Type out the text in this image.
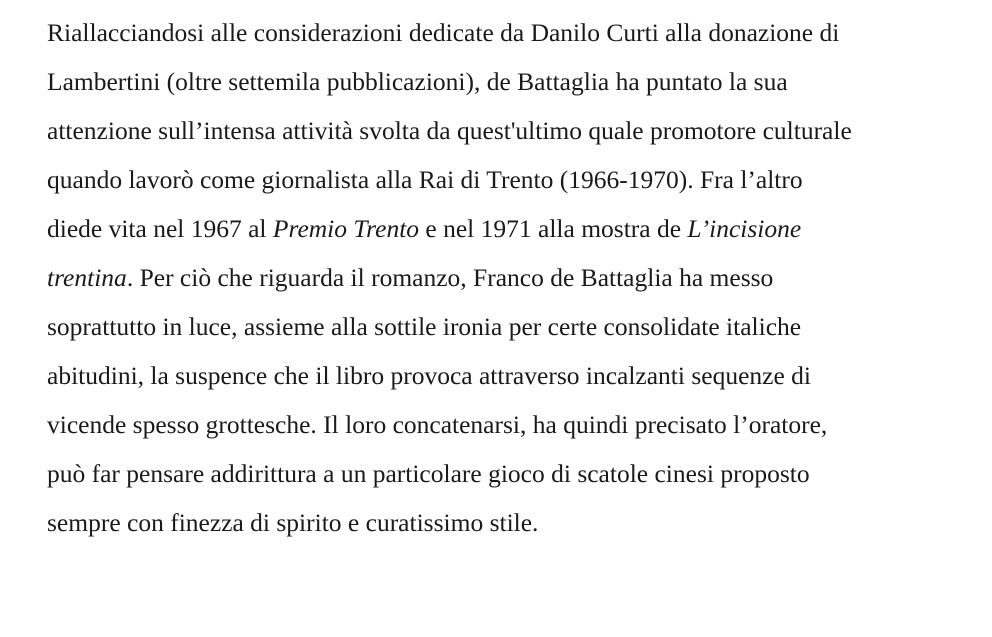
Riallacciandosi alle considerazioni dedicate da Danilo Curti alla donazione di
Lambertini (oltre settemila pubblicazioni), de Battaglia ha puntato la sua
attenzione sull’intensa attività svolta da quest'ultimo quale promotore culturale
quando lavorò come giornalista alla Rai di Trento (1966-1970). Fra l’altro
diede vita nel 1967 al Premio Trento e nel 1971 alla mostra de L’incisione
trentina. Per ciò che riguarda il romanzo, Franco de Battaglia ha messo
soprattutto in luce, assieme alla sottile ironia per certe consolidate italiche
abitudini, la suspence che il libro provoca attraverso incalzanti sequenze di
vicende spesso grottesche. Il loro concatenarsi, ha quindi precisato l’oratore,
può far pensare addirittura a un particolare gioco di scatole cinesi proposto
sempre con finezza di spirito e curatissimo stile.
